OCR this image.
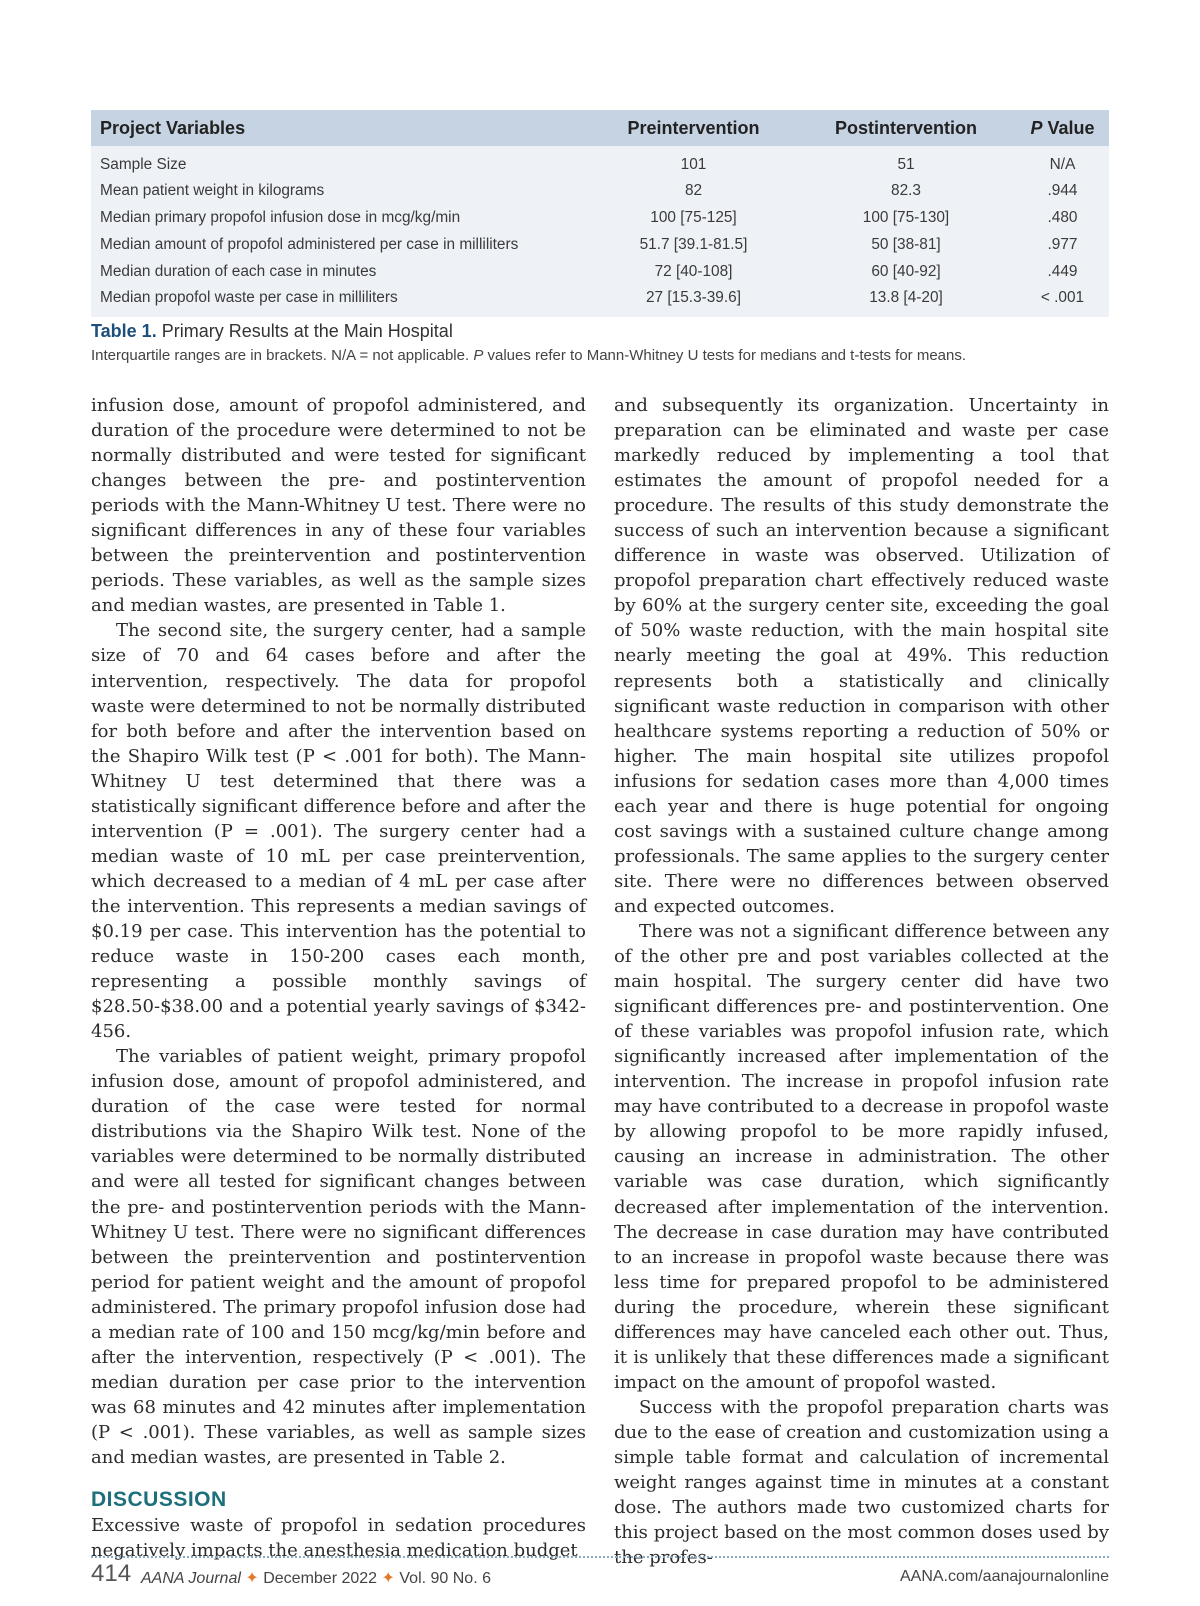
Project Variables	Preintervention	Postintervention	P Value
Sample Size	101	51	N/A
Mean patient weight in kilograms	82	82.3	.944
Median primary propofol infusion dose in mcg/kg/min	100 [75-125]	100 [75-130]	.480
Median amount of propofol administered per case in milliliters	51.7 [39.1-81.5]	50 [38-81]	.977
Median duration of each case in minutes	72 [40-108]	60 [40-92]	.449
Median propofol waste per case in milliliters	27 [15.3-39.6]	13.8 [4-20]	< .001
Table 1. Primary Results at the Main Hospital
Interquartile ranges are in brackets. N/A = not applicable. P values refer to Mann-Whitney U tests for medians and t-tests for means.

infusion dose, amount of propofol administered, and duration of the procedure were determined to not be normally distributed and were tested for significant changes between the pre- and postintervention periods with the Mann-Whitney U test. There were no significant differences in any of these four variables between the preintervention and postintervention periods. These variables, as well as the sample sizes and median wastes, are presented in Table 1.

The second site, the surgery center, had a sample size of 70 and 64 cases before and after the intervention, respectively. The data for propofol waste were determined to not be normally distributed for both before and after the intervention based on the Shapiro Wilk test (P < .001 for both). The Mann-Whitney U test determined that there was a statistically significant difference before and after the intervention (P = .001). The surgery center had a median waste of 10 mL per case preintervention, which decreased to a median of 4 mL per case after the intervention. This represents a median savings of $0.19 per case. This intervention has the potential to reduce waste in 150-200 cases each month, representing a possible monthly savings of $28.50-$38.00 and a potential yearly savings of $342-456.

The variables of patient weight, primary propofol infusion dose, amount of propofol administered, and duration of the case were tested for normal distributions via the Shapiro Wilk test. None of the variables were determined to be normally distributed and were all tested for significant changes between the pre- and postintervention periods with the Mann-Whitney U test. There were no significant differences between the preintervention and postintervention period for patient weight and the amount of propofol administered. The primary propofol infusion dose had a median rate of 100 and 150 mcg/kg/min before and after the intervention, respectively (P < .001). The median duration per case prior to the intervention was 68 minutes and 42 minutes after implementation (P < .001). These variables, as well as sample sizes and median wastes, are presented in Table 2.

DISCUSSION

Excessive waste of propofol in sedation procedures negatively impacts the anesthesia medication budget

and subsequently its organization. Uncertainty in preparation can be eliminated and waste per case markedly reduced by implementing a tool that estimates the amount of propofol needed for a procedure. The results of this study demonstrate the success of such an intervention because a significant difference in waste was observed. Utilization of propofol preparation chart effectively reduced waste by 60% at the surgery center site, exceeding the goal of 50% waste reduction, with the main hospital site nearly meeting the goal at 49%. This reduction represents both a statistically and clinically significant waste reduction in comparison with other healthcare systems reporting a reduction of 50% or higher. The main hospital site utilizes propofol infusions for sedation cases more than 4,000 times each year and there is huge potential for ongoing cost savings with a sustained culture change among professionals. The same applies to the surgery center site. There were no differences between observed and expected outcomes.

There was not a significant difference between any of the other pre and post variables collected at the main hospital. The surgery center did have two significant differences pre- and postintervention. One of these variables was propofol infusion rate, which significantly increased after implementation of the intervention. The increase in propofol infusion rate may have contributed to a decrease in propofol waste by allowing propofol to be more rapidly infused, causing an increase in administration. The other variable was case duration, which significantly decreased after implementation of the intervention. The decrease in case duration may have contributed to an increase in propofol waste because there was less time for prepared propofol to be administered during the procedure, wherein these significant differences may have canceled each other out. Thus, it is unlikely that these differences made a significant impact on the amount of propofol wasted.

Success with the propofol preparation charts was due to the ease of creation and customization using a simple table format and calculation of incremental weight ranges against time in minutes at a constant dose. The authors made two customized charts for this project based on the most common doses used by the profes-

414 AANA Journal ✦ December 2022 ✦ Vol. 90 No. 6	AANA.com/aanajournalonline
